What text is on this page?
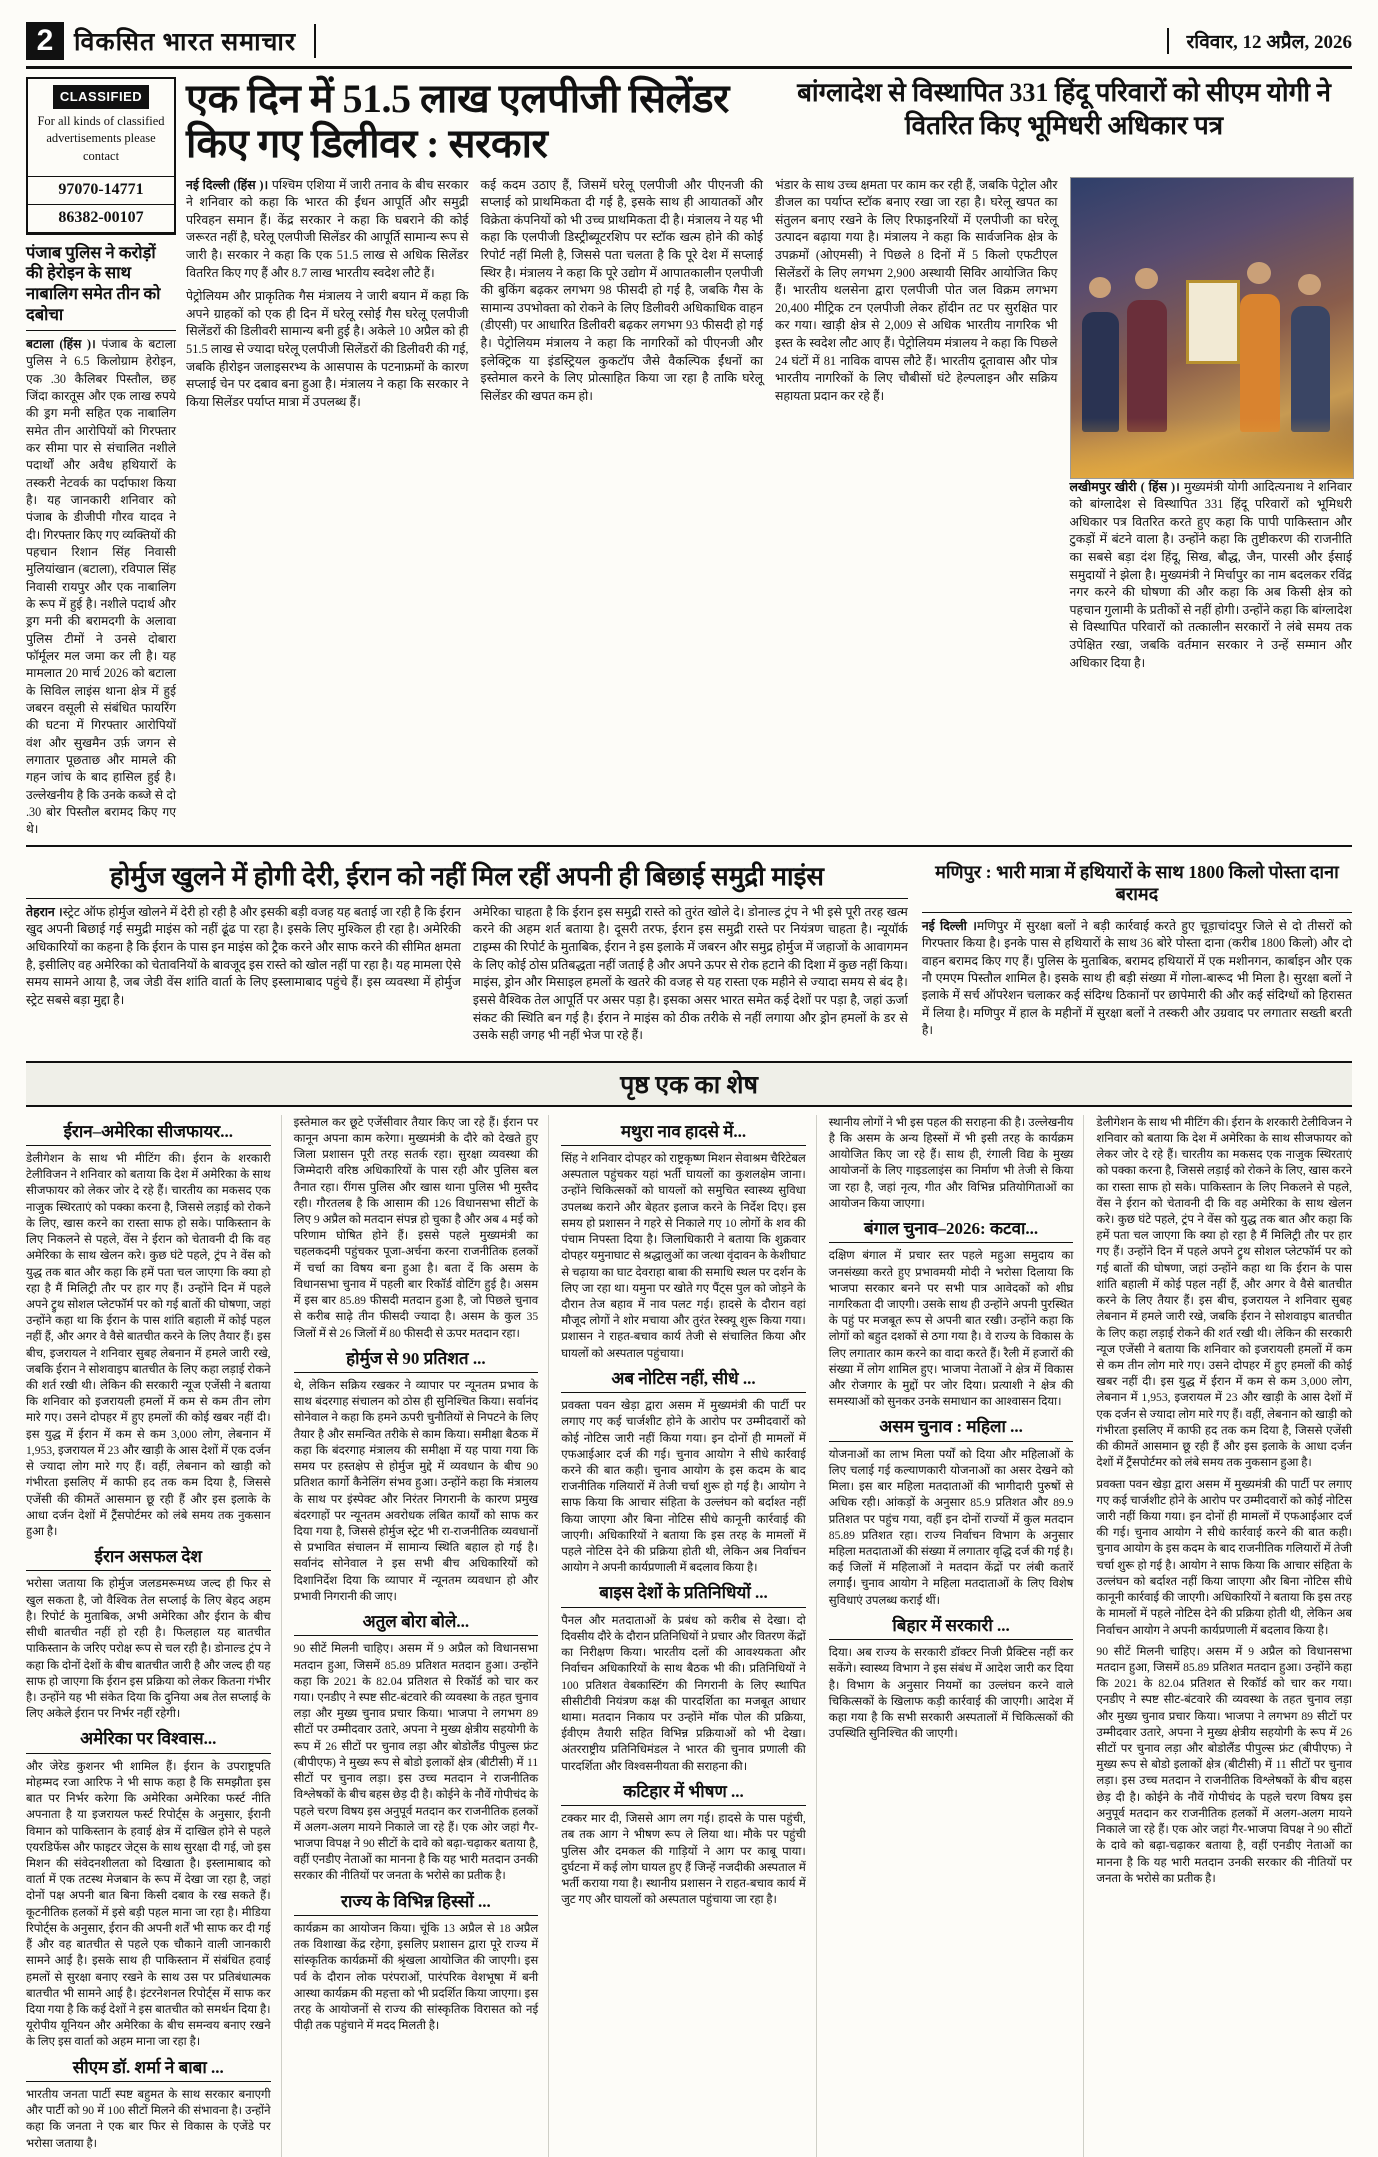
2 विकसित भारत समाचार	रविवार, 12 अप्रैल, 2026
CLASSIFIED
For all kinds of classified advertisements please contact
97070-14771
86382-00107
पंजाब पुलिस ने करोड़ों की हेरोइन के साथ नाबालिग समेत तीन को दबोचा

बटाला (हिंस )। पंजाब के बटाला पुलिस ने 6.5 किलोग्राम हेरोइन, एक .30 कैलिबर पिस्तौल, छह जिंदा कारतूस और एक लाख रुपये की ड्रग मनी सहित एक नाबालिग समेत तीन आरोपियों को गिरफ्तार कर सीमा पार से संचालित नशीले पदार्थों और अवैध हथियारों के तस्करी नेटवर्क का पर्दाफाश किया है। यह जानकारी शनिवार को पंजाब के डीजीपी गौरव यादव ने दी। गिरफ्तार किए गए व्यक्तियों की पहचान रिशान सिंह निवासी मुलियांखान (बटाला), रविपाल सिंह निवासी रायपुर और एक नाबालिग के रूप में हुई है। नशीले पदार्थ और ड्रग मनी की बरामदगी के अलावा पुलिस टीमों ने उनसे दोबारा फॉर्मूलर मल जमा कर ली है। यह मामलात 20 मार्च 2026 को बटाला के सिविल लाइंस थाना क्षेत्र में हुई जबरन वसूली से संबंधित फायरिंग की घटना में गिरफ्तार आरोपियों वंश और सुखमैन उर्फ़ जगन से लगातार पूछताछ और मामले की गहन जांच के बाद हासिल हुई है। उल्लेखनीय है कि उनके कब्जे से दो .30 बोर पिस्तौल बरामद किए गए थे।

एक दिन में 51.5 लाख एलपीजी सिलेंडर किए गए डिलीवर : सरकार
बांग्लादेश से विस्थापित 331 हिंदू परिवारों को सीएम योगी ने वितरित किए भूमिधरी अधिकार पत्र

नई दिल्ली (हिंस )। पश्चिम एशिया में जारी तनाव के बीच सरकार ने शनिवार को कहा कि भारत की ईंधन आपूर्ति और समुद्री परिवहन समान हैं। केंद्र सरकार ने कहा कि घबराने की कोई जरूरत नहीं है, घरेलू एलपीजी सिलेंडर की आपूर्ति सामान्य रूप से जारी है। सरकार ने कहा कि एक 51.5 लाख से अधिक सिलेंडर वितरित किए गए हैं और 8.7 लाख भारतीय स्वदेश लौटे हैं।

पेट्रोलियम और प्राकृतिक गैस मंत्रालय ने जारी बयान में कहा कि अपने ग्राहकों को एक ही दिन में घरेलू रसोई गैस घरेलू एलपीजी सिलेंडरों की डिलीवरी सामान्य बनी हुई है। अकेले 10 अप्रैल को ही 51.5 लाख से ज्यादा घरेलू एलपीजी सिलेंडरों की डिलीवरी की गई, जबकि हीरोइन जलाइसरभ्य के आसपास के पटनाफ्रमों के कारण सप्लाई चेन पर दबाव बना हुआ है। मंत्रालय ने कहा कि सरकार ने किया सिलेंडर पर्याप्त मात्रा में उपलब्ध हैं।

कई कदम उठाए हैं, जिसमें घरेलू एलपीजी और पीएनजी की सप्लाई को प्राथमिकता दी गई है, इसके साथ ही आयातकों और विक्रेता कंपनियों को भी उच्च प्राथमिकता दी है। मंत्रालय ने यह भी कहा कि एलपीजी डिस्ट्रीब्यूटरशिप पर स्टॉक खत्म होने की कोई रिपोर्ट नहीं मिली है, जिससे पता चलता है कि पूरे देश में सप्लाई स्थिर है। मंत्रालय ने कहा कि पूरे उद्योग में आपातकालीन एलपीजी की बुकिंग बढ़कर लगभग 98 फीसदी हो गई है, जबकि गैस के सामान्य उपभोक्ता को रोकने के लिए डिलीवरी अधिकाधिक वाहन (डीएसी) पर आधारित डिलीवरी बढ़कर लगभग 93 फीसदी हो गई है। पेट्रोलियम मंत्रालय ने कहा कि नागरिकों को पीएनजी और इलेक्ट्रिक या इंडस्ट्रियल कुकटॉप जैसे वैकल्पिक ईंधनों का इस्तेमाल करने के लिए प्रोत्साहित किया जा रहा है ताकि घरेलू सिलेंडर की खपत कम हो।

भंडार के साथ उच्च क्षमता पर काम कर रही हैं, जबकि पेट्रोल और डीजल का पर्याप्त स्टॉक बनाए रखा जा रहा है। घरेलू खपत का संतुलन बनाए रखने के लिए रिफाइनरियों में एलपीजी का घरेलू उत्पादन बढ़ाया गया है। मंत्रालय ने कहा कि सार्वजनिक क्षेत्र के उपक्रमों (ओएमसी) ने पिछले 8 दिनों में 5 किलो एफटीएल सिलेंडरों के लिए लगभग 2,900 अस्थायी सिविर आयोजित किए हैं। भारतीय थलसेना द्वारा एलपीजी पोत जल विक्रम लगभग 20,400 मीट्रिक टन एलपीजी लेकर होंदीन तट पर सुरक्षित पार कर गया। खाड़ी क्षेत्र से 2,009 से अधिक भारतीय नागरिक भी इस्त के स्वदेश लौट आए हैं। पेट्रोलियम मंत्रालय ने कहा कि पिछले 24 घंटों में 81 नाविक वापस लौटे हैं। भारतीय दूतावास और पोत्र भारतीय नागरिकों के लिए चौबीसों घंटे हेल्पलाइन और सक्रिय सहायता प्रदान कर रहे हैं।

लखीमपुर खीरी ( हिंस )। मुख्यमंत्री योगी आदित्यनाथ ने शनिवार को बांग्लादेश से विस्थापित 331 हिंदू परिवारों को भूमिधरी अधिकार पत्र वितरित करते हुए कहा कि पापी पाकिस्तान और टुकड़ों में बंटने वाला है। उन्होंने कहा कि तुष्टीकरण की राजनीति का सबसे बड़ा दंश हिंदू, सिख, बौद्ध, जैन, पारसी और ईसाई समुदायों ने झेला है। मुख्यमंत्री ने मिर्चापुर का नाम बदलकर रविंद्र नगर करने की घोषणा की और कहा कि अब किसी क्षेत्र को पहचान गुलामी के प्रतीकों से नहीं होगी। उन्होंने कहा कि बांग्लादेश से विस्थापित परिवारों को तत्कालीन सरकारों ने लंबे समय तक उपेक्षित रखा, जबकि वर्तमान सरकार ने उन्हें सम्मान और अधिकार दिया है।

होर्मुज खुलने में होगी देरी, ईरान को नहीं मिल रहीं अपनी ही बिछाई समुद्री माइंस

तेहरान ।स्ट्रेट ऑफ होर्मुज खोलने में देरी हो रही है और इसकी बड़ी वजह यह बताई जा रही है कि ईरान खुद अपनी बिछाई गई समुद्री माइंस को नहीं ढूंढ पा रहा है। इसके लिए मुश्किल ही रहा है। अमेरिकी अधिकारियों का कहना है कि ईरान के पास इन माइंस को ट्रैक करने और साफ करने की सीमित क्षमता है, इसीलिए वह अमेरिका को चेतावनियों के बावजूद इस रास्ते को खोल नहीं पा रहा है। यह मामला ऐसे समय सामने आया है, जब जेडी वेंस शांति वार्ता के लिए इस्लामाबाद पहुंचे हैं। इस व्यवस्था में होर्मुज स्ट्रेट सबसे बड़ा मुद्दा है।

अमेरिका चाहता है कि ईरान इस समुद्री रास्ते को तुरंत खोले दे। डोनाल्ड ट्रंप ने भी इसे पूरी तरह खत्म करने की अहम शर्त बताया है। दूसरी तरफ, ईरान इस समुद्री रास्ते पर नियंत्रण चाहता है। न्यूयॉर्क टाइम्स की रिपोर्ट के मुताबिक, ईरान ने इस इलाके में जबरन और समुद्र होर्मुज में जहाजों के आवागमन के लिए कोई ठोस प्रतिबद्धता नहीं जताई है और अपने ऊपर से रोक हटाने की दिशा में कुछ नहीं किया। माइंस, ड्रोन और मिसाइल हमलों के खतरे की वजह से यह रास्ता एक महीने से ज्यादा समय से बंद है। इससे वैश्विक तेल आपूर्ति पर असर पड़ा है। इसका असर भारत समेत कई देशों पर पड़ा है, जहां ऊर्जा संकट की स्थिति बन गई है। ईरान ने माइंस को ठीक तरीके से नहीं लगाया और ड्रोन हमलों के डर से उसके सही जगह भी नहीं भेज पा रहे हैं।

मणिपुर : भारी मात्रा में हथियारों के साथ 1800 किलो पोस्ता दाना बरामद

नई दिल्ली ।मणिपुर में सुरक्षा बलों ने बड़ी कार्रवाई करते हुए चूड़ाचांदपुर जिले से दो तीसरों को गिरफ्तार किया है। इनके पास से हथियारों के साथ 36 बोरे पोस्ता दाना (करीब 1800 किलो) और दो वाहन बरामद किए गए हैं। पुलिस के मुताबिक, बरामद हथियारों में एक मशीनगन, कार्बाइन और एक नौ एमएम पिस्तौल शामिल है। इसके साथ ही बड़ी संख्या में गोला-बारूद भी मिला है। सुरक्षा बलों ने इलाके में सर्च ऑपरेशन चलाकर कई संदिग्ध ठिकानों पर छापेमारी की और कई संदिग्धों को हिरासत में लिया है। मणिपुर में हाल के महीनों में सुरक्षा बलों ने तस्करी और उग्रवाद पर लगातार सख्ती बरती है।

पृष्ठ एक का शेष
ईरान–अमेरिका सीजफायर...

डेलीगेशन के साथ भी मीटिंग की। ईरान के शरकारी टेलीविजन ने शनिवार को बताया कि देश में अमेरिका के साथ सीजफायर को लेकर जोर दे रहे हैं। चारतीय का मकसद एक नाजुक स्थिरताएं को पक्का करना है, जिससे लड़ाई को रोकने के लिए, खास करने का रास्ता साफ हो सके। पाकिस्तान के लिए निकलने से पहले, वेंस ने ईरान को चेतावनी दी कि वह अमेरिका के साथ खेलन करे। कुछ घंटे पहले, ट्रंप ने वेंस को युद्ध तक बात और कहा कि हमें पता चल जाएगा कि क्या हो रहा है मैं मिलिट्री तौर पर हार गए हैं। उन्होंने दिन में पहले अपने ट्रुथ सोशल प्लेटफॉर्म पर को गई बातों की घोषणा, जहां उन्होंने कहा था कि ईरान के पास शांति बहाली में कोई पहल नहीं हैं, और अगर वे वैसे बातचीत करने के लिए तैयार हैं। इस बीच, इजरायल ने शनिवार सुबह लेबनान में हमले जारी रखे, जबकि ईरान ने सोशवाइप बातचीत के लिए कहा लड़ाई रोकने की शर्त रखी थी। लेकिन की सरकारी न्यूज एजेंसी ने बताया कि शनिवार को इजरायली हमलों में कम से कम तीन लोग मारे गए। उसने दोपहर में हुए हमलों की कोई खबर नहीं दी। इस युद्ध में ईरान में कम से कम 3,000 लोग, लेबनान में 1,953, इजरायल में 23 और खाड़ी के आस देशों में एक दर्जन से ज्यादा लोग मारे गए हैं। वहीं, लेबनान को खाड़ी को गंभीरता इसलिए में काफी हद तक कम दिया है, जिससे एजेंसी की कीमतें आसमान छू रही हैं और इस इलाके के आधा दर्जन देशों में ट्रैंसपोर्टमर को लंबे समय तक नुकसान हुआ है।

ईरान असफल देश

भरोसा जताया कि होर्मुज जलडमरूमध्य जल्द ही फिर से खुल सकता है, जो वैश्विक तेल सप्लाई के लिए बेहद अहम है। रिपोर्ट के मुताबिक, अभी अमेरिका और ईरान के बीच सीधी बातचीत नहीं हो रही है। फिलहाल यह बातचीत पाकिस्तान के जरिए परोक्ष रूप से चल रही है। डोनाल्ड ट्रंप ने कहा कि दोनों देशों के बीच बातचीत जारी है और जल्द ही यह साफ हो जाएगा कि ईरान इस प्रक्रिया को लेकर कितना गंभीर है। उन्होंने यह भी संकेत दिया कि दुनिया अब तेल सप्लाई के लिए अकेले ईरान पर निर्भर नहीं रहेगी।

अमेरिका पर विश्वास...

और जेरेड कुशनर भी शामिल हैं। ईरान के उपराष्ट्रपति मोहम्मद रजा आरिफ ने भी साफ कहा है कि समझौता इस बात पर निर्भर करेगा कि अमेरिका अमेरिका फर्स्ट नीति अपनाता है या इजरायल फर्स्ट रिपोर्ट्स के अनुसार, ईरानी विमान को पाकिस्तान के हवाई क्षेत्र में दाखिल होने से पहले एयरडिफेंस और फाइटर जेट्स के साथ सुरक्षा दी गई, जो इस मिशन की संवेदनशीलता को दिखाता है। इस्लामाबाद को वार्ता में एक तटस्थ मेजबान के रूप में देखा जा रहा है, जहां दोनों पक्ष अपनी बात बिना किसी दबाव के रख सकते हैं। कूटनीतिक हलकों में इसे बड़ी पहल माना जा रहा है। मीडिया रिपोर्ट्स के अनुसार, ईरान की अपनी शर्तें भी साफ कर दी गई हैं और वह बातचीत से पहले एक चौकाने वाली जानकारी सामने आई है। इसके साथ ही पाकिस्तान में संबंधित हवाई हमलों से सुरक्षा बनाए रखने के साथ उस पर प्रतिबंधात्मक बातचीत भी सामने आई है। इंटरनेशनल रिपोर्ट्स में साफ कर दिया गया है कि कई देशों ने इस बातचीत को समर्थन दिया है। यूरोपीय यूनियन और अमेरिका के बीच समन्वय बनाए रखने के लिए इस वार्ता को अहम माना जा रहा है।

सीएम डॉ. शर्मा ने बाबा ...

भारतीय जनता पार्टी स्पष्ट बहुमत के साथ सरकार बनाएगी और पार्टी को 90 में 100 सीटों मिलने की संभावना है। उन्होंने कहा कि जनता ने एक बार फिर से विकास के एजेंडे पर भरोसा जताया है।

इस्तेमाल कर छूटे एजेंसीवार तैयार किए जा रहे हैं। ईरान पर कानून अपना काम करेगा। मुख्यमंत्री के दौरे को देखते हुए जिला प्रशासन पूरी तरह सतर्क रहा। सुरक्षा व्यवस्था की जिम्मेदारी वरिष्ठ अधिकारियों के पास रही और पुलिस बल तैनात रहा। रींगस पुलिस और खास थाना पुलिस भी मुस्तैद रही। गौरतलब है कि आसाम की 126 विधानसभा सीटों के लिए 9 अप्रैल को मतदान संपन्न हो चुका है और अब 4 मई को परिणाम घोषित होने हैं। इससे पहले मुख्यमंत्री का चहलकदमी पहुंचकर पूजा-अर्चना करना राजनीतिक हलकों में चर्चा का विषय बना हुआ है। बता दें कि असम के विधानसभा चुनाव में पहली बार रिकॉर्ड वोटिंग हुई है। असम में इस बार 85.89 फीसदी मतदान हुआ है, जो पिछले चुनाव से करीब साढ़े तीन फीसदी ज्यादा है। असम के कुल 35 जिलों में से 26 जिलों में 80 फीसदी से ऊपर मतदान रहा।

होर्मुज से 90 प्रतिशत ...

थे, लेकिन सक्रिय रखकर ने व्यापार पर न्यूनतम प्रभाव के साथ बंदरगाह संचालन को ठोस ही सुनिश्चित किया। सर्वानंद सोनेवाल ने कहा कि हमने ऊपरी चुनौतियों से निपटने के लिए तैयार है और समन्वित तरीके से काम किया। समीक्षा बैठक में कहा कि बंदरगाह मंत्रालय की समीक्षा में यह पाया गया कि समय पर हस्तक्षेप से होर्मुज मुद्दे में व्यवधान के बीच 90 प्रतिशत कार्गो कैनेलिंग संभव हुआ। उन्होंने कहा कि मंत्रालय के साथ पर इंस्पेक्ट और निरंतर निगरानी के कारण प्रमुख बंदरगाहों पर न्यूनतम अवरोधक लंबित कार्यों को साफ कर दिया गया है, जिससे होर्मुज स्ट्रेट भी रा-राजनीतिक व्यवधानों से प्रभावित संचालन में सामान्य स्थिति बहाल हो गई है। सर्वानंद सोनेवाल ने इस सभी बीच अधिकारियों को दिशानिर्देश दिया कि व्यापार में न्यूनतम व्यवधान हो और प्रभावी निगरानी की जाए।

अतुल बोरा बोले...

90 सीटें मिलनी चाहिए। असम में 9 अप्रैल को विधानसभा मतदान हुआ, जिसमें 85.89 प्रतिशत मतदान हुआ। उन्होंने कहा कि 2021 के 82.04 प्रतिशत से रिकॉर्ड को चार कर गया। एनडीए ने स्पष्ट सीट-बंटवारे की व्यवस्था के तहत चुनाव लड़ा और मुख्य चुनाव प्रचार किया। भाजपा ने लगभग 89 सीटों पर उम्मीदवार उतारे, अपना ने मुख्य क्षेत्रीय सहयोगी के रूप में 26 सीटों पर चुनाव लड़ा और बोडोलैंड पीपुल्स फ्रंट (बीपीएफ) ने मुख्य रूप से बोडो इलाकों क्षेत्र (बीटीसी) में 11 सीटों पर चुनाव लड़ा। इस उच्च मतदान ने राजनीतिक विश्लेषकों के बीच बहस छेड़ दी है। कोईने के नौवें गोपीचंद के पहले चरण विषय इस अनुपूर्व मतदान कर राजनीतिक हलकों में अलग-अलग मायने निकाले जा रहे हैं। एक ओर जहां गैर-भाजपा विपक्ष ने 90 सीटों के दावे को बढ़ा-चढ़ाकर बताया है, वहीं एनडीए नेताओं का मानना है कि यह भारी मतदान उनकी सरकार की नीतियों पर जनता के भरोसे का प्रतीक है।

राज्य के विभिन्न हिस्सों ...

कार्यक्रम का आयोजन किया। चूंकि 13 अप्रैल से 18 अप्रैल तक विशाखा केंद्र रहेगा, इसलिए प्रशासन द्वारा पूरे राज्य में सांस्कृतिक कार्यक्रमों की श्रृंखला आयोजित की जाएगी। इस पर्व के दौरान लोक परंपराओं, पारंपरिक वेशभूषा में बनी आस्था कार्यक्रम की महत्ता को भी प्रदर्शित किया जाएगा। इस तरह के आयोजनों से राज्य की सांस्कृतिक विरासत को नई पीढ़ी तक पहुंचाने में मदद मिलती है।

मथुरा नाव हादसे में...

सिंह ने शनिवार दोपहर को राष्ट्रकृष्ण मिशन सेवाश्रम चैरिटेबल अस्पताल पहुंचकर यहां भर्ती घायलों का कुशलक्षेम जाना। उन्होंने चिकित्सकों को घायलों को समुचित स्वास्थ्य सुविधा उपलब्ध कराने और बेहतर इलाज करने के निर्देश दिए। इस समय हो प्रशासन ने गहरे से निकाले गए 10 लोगों के शव की पंचाम निपस्ता दिया है। जिलाधिकारी ने बताया कि शुक्रवार दोपहर यमुनाघाट से श्रद्धालुओं का जत्था वृंदावन के केशीघाट से चढ़ाया का घाट देवराहा बाबा की समाधि स्थल पर दर्शन के लिए जा रहा था। यमुना पर खोते गए पैंट्स पुल को जोड़ने के दौरान तेज बहाव में नाव पलट गई। हादसे के दौरान वहां मौजूद लोगों ने शोर मचाया और तुरंत रेस्क्यू शुरू किया गया। प्रशासन ने राहत-बचाव कार्य तेजी से संचालित किया और घायलों को अस्पताल पहुंचाया।

अब नोटिस नहीं, सीधे ...

प्रवक्ता पवन खेड़ा द्वारा असम में मुख्यमंत्री की पार्टी पर लगाए गए कई चार्जशीट होने के आरोप पर उम्मीदवारों को कोई नोटिस जारी नहीं किया गया। इन दोनों ही मामलों में एफआईआर दर्ज की गई। चुनाव आयोग ने सीधे कार्रवाई करने की बात कही। चुनाव आयोग के इस कदम के बाद राजनीतिक गलियारों में तेजी चर्चा शुरू हो गई है। आयोग ने साफ किया कि आचार संहिता के उल्लंघन को बर्दाश्त नहीं किया जाएगा और बिना नोटिस सीधे कानूनी कार्रवाई की जाएगी। अधिकारियों ने बताया कि इस तरह के मामलों में पहले नोटिस देने की प्रक्रिया होती थी, लेकिन अब निर्वाचन आयोग ने अपनी कार्यप्रणाली में बदलाव किया है।

बाइस देशों के प्रतिनिधियों ...

पैनल और मतदाताओं के प्रबंध को करीब से देखा। दो दिवसीय दौरे के दौरान प्रतिनिधियों ने प्रचार और वितरण केंद्रों का निरीक्षण किया। भारतीय दलों की आवश्यकता और निर्वाचन अधिकारियों के साथ बैठक भी की। प्रतिनिधियों ने 100 प्रतिशत वेबकास्टिंग की निगरानी के लिए स्थापित सीसीटीवी नियंत्रण कक्ष की पारदर्शिता का मजबूत आधार थामा। मतदान निकाय पर उन्होंने मॉक पोल की प्रक्रिया, ईवीएम तैयारी सहित विभिन्न प्रक्रियाओं को भी देखा। अंतरराष्ट्रीय प्रतिनिधिमंडल ने भारत की चुनाव प्रणाली की पारदर्शिता और विश्वसनीयता की सराहना की।

कटिहार में भीषण ...

टक्कर मार दी, जिससे आग लग गई। हादसे के पास पहुंची, तब तक आग ने भीषण रूप ले लिया था। मौके पर पहुंची पुलिस और दमकल की गाड़ियों ने आग पर काबू पाया। दुर्घटना में कई लोग घायल हुए हैं जिन्हें नजदीकी अस्पताल में भर्ती कराया गया है। स्थानीय प्रशासन ने राहत-बचाव कार्य में जुट गए और घायलों को अस्पताल पहुंचाया जा रहा है।

स्थानीय लोगों ने भी इस पहल की सराहना की है। उल्लेखनीय है कि असम के अन्य हिस्सों में भी इसी तरह के कार्यक्रम आयोजित किए जा रहे हैं। साथ ही, रंगाली विद्य के मुख्य आयोजनों के लिए गाइडलाइंस का निर्माण भी तेजी से किया जा रहा है, जहां नृत्य, गीत और विभिन्न प्रतियोगिताओं का आयोजन किया जाएगा।

बंगाल चुनाव–2026: कटवा...

दक्षिण बंगाल में प्रचार स्तर पहले महुआ समुदाय का जनसंख्या करते हुए प्रभावमयी मोदी ने भरोसा दिलाया कि भाजपा सरकार बनने पर सभी पात्र आवेदकों को शीघ्र नागरिकता दी जाएगी। उसके साथ ही उन्होंने अपनी पुरस्थित के पहुं पर मजबूत रूप से अपनी बात रखी। उन्होंने कहा कि लोगों को बहुत दशकों से ठगा गया है। वे राज्य के विकास के लिए लगातार काम करने का वादा करते हैं। रैली में हजारों की संख्या में लोग शामिल हुए। भाजपा नेताओं ने क्षेत्र में विकास और रोजगार के मुद्दों पर जोर दिया। प्रत्याशी ने क्षेत्र की समस्याओं को सुनकर उनके समाधान का आश्वासन दिया।

असम चुनाव : महिला ...

योजनाओं का लाभ मिला पर्यों को दिया और महिलाओं के लिए चलाई गई कल्याणकारी योजनाओं का असर देखने को मिला। इस बार महिला मतदाताओं की भागीदारी पुरुषों से अधिक रही। आंकड़ों के अनुसार 85.9 प्रतिशत और 89.9 प्रतिशत पर पहुंच गया, वहीं इन दोनों राज्यों में कुल मतदान 85.89 प्रतिशत रहा। राज्य निर्वाचन विभाग के अनुसार महिला मतदाताओं की संख्या में लगातार वृद्धि दर्ज की गई है। कई जिलों में महिलाओं ने मतदान केंद्रों पर लंबी कतारें लगाईं। चुनाव आयोग ने महिला मतदाताओं के लिए विशेष सुविधाएं उपलब्ध कराई थीं।

बिहार में सरकारी ...

दिया। अब राज्य के सरकारी डॉक्टर निजी प्रैक्टिस नहीं कर सकेंगे। स्वास्थ्य विभाग ने इस संबंध में आदेश जारी कर दिया है। विभाग के अनुसार नियमों का उल्लंघन करने वाले चिकित्सकों के खिलाफ कड़ी कार्रवाई की जाएगी। आदेश में कहा गया है कि सभी सरकारी अस्पतालों में चिकित्सकों की उपस्थिति सुनिश्चित की जाएगी।

डेलीगेशन के साथ भी मीटिंग की। ईरान के शरकारी टेलीविजन ने शनिवार को बताया कि देश में अमेरिका के साथ सीजफायर को लेकर जोर दे रहे हैं। चारतीय का मकसद एक नाजुक स्थिरताएं को पक्का करना है, जिससे लड़ाई को रोकने के लिए, खास करने का रास्ता साफ हो सके। पाकिस्तान के लिए निकलने से पहले, वेंस ने ईरान को चेतावनी दी कि वह अमेरिका के साथ खेलन करे। कुछ घंटे पहले, ट्रंप ने वेंस को युद्ध तक बात और कहा कि हमें पता चल जाएगा कि क्या हो रहा है मैं मिलिट्री तौर पर हार गए हैं। उन्होंने दिन में पहले अपने ट्रुथ सोशल प्लेटफॉर्म पर को गई बातों की घोषणा, जहां उन्होंने कहा था कि ईरान के पास शांति बहाली में कोई पहल नहीं हैं, और अगर वे वैसे बातचीत करने के लिए तैयार हैं। इस बीच, इजरायल ने शनिवार सुबह लेबनान में हमले जारी रखे, जबकि ईरान ने सोशवाइप बातचीत के लिए कहा लड़ाई रोकने की शर्त रखी थी। लेकिन की सरकारी न्यूज एजेंसी ने बताया कि शनिवार को इजरायली हमलों में कम से कम तीन लोग मारे गए। उसने दोपहर में हुए हमलों की कोई खबर नहीं दी। इस युद्ध में ईरान में कम से कम 3,000 लोग, लेबनान में 1,953, इजरायल में 23 और खाड़ी के आस देशों में एक दर्जन से ज्यादा लोग मारे गए हैं। वहीं, लेबनान को खाड़ी को गंभीरता इसलिए में काफी हद तक कम दिया है, जिससे एजेंसी की कीमतें आसमान छू रही हैं और इस इलाके के आधा दर्जन देशों में ट्रैंसपोर्टमर को लंबे समय तक नुकसान हुआ है।

प्रवक्ता पवन खेड़ा द्वारा असम में मुख्यमंत्री की पार्टी पर लगाए गए कई चार्जशीट होने के आरोप पर उम्मीदवारों को कोई नोटिस जारी नहीं किया गया। इन दोनों ही मामलों में एफआईआर दर्ज की गई। चुनाव आयोग ने सीधे कार्रवाई करने की बात कही। चुनाव आयोग के इस कदम के बाद राजनीतिक गलियारों में तेजी चर्चा शुरू हो गई है। आयोग ने साफ किया कि आचार संहिता के उल्लंघन को बर्दाश्त नहीं किया जाएगा और बिना नोटिस सीधे कानूनी कार्रवाई की जाएगी। अधिकारियों ने बताया कि इस तरह के मामलों में पहले नोटिस देने की प्रक्रिया होती थी, लेकिन अब निर्वाचन आयोग ने अपनी कार्यप्रणाली में बदलाव किया है।

90 सीटें मिलनी चाहिए। असम में 9 अप्रैल को विधानसभा मतदान हुआ, जिसमें 85.89 प्रतिशत मतदान हुआ। उन्होंने कहा कि 2021 के 82.04 प्रतिशत से रिकॉर्ड को चार कर गया। एनडीए ने स्पष्ट सीट-बंटवारे की व्यवस्था के तहत चुनाव लड़ा और मुख्य चुनाव प्रचार किया। भाजपा ने लगभग 89 सीटों पर उम्मीदवार उतारे, अपना ने मुख्य क्षेत्रीय सहयोगी के रूप में 26 सीटों पर चुनाव लड़ा और बोडोलैंड पीपुल्स फ्रंट (बीपीएफ) ने मुख्य रूप से बोडो इलाकों क्षेत्र (बीटीसी) में 11 सीटों पर चुनाव लड़ा। इस उच्च मतदान ने राजनीतिक विश्लेषकों के बीच बहस छेड़ दी है। कोईने के नौवें गोपीचंद के पहले चरण विषय इस अनुपूर्व मतदान कर राजनीतिक हलकों में अलग-अलग मायने निकाले जा रहे हैं। एक ओर जहां गैर-भाजपा विपक्ष ने 90 सीटों के दावे को बढ़ा-चढ़ाकर बताया है, वहीं एनडीए नेताओं का मानना है कि यह भारी मतदान उनकी सरकार की नीतियों पर जनता के भरोसे का प्रतीक है।
